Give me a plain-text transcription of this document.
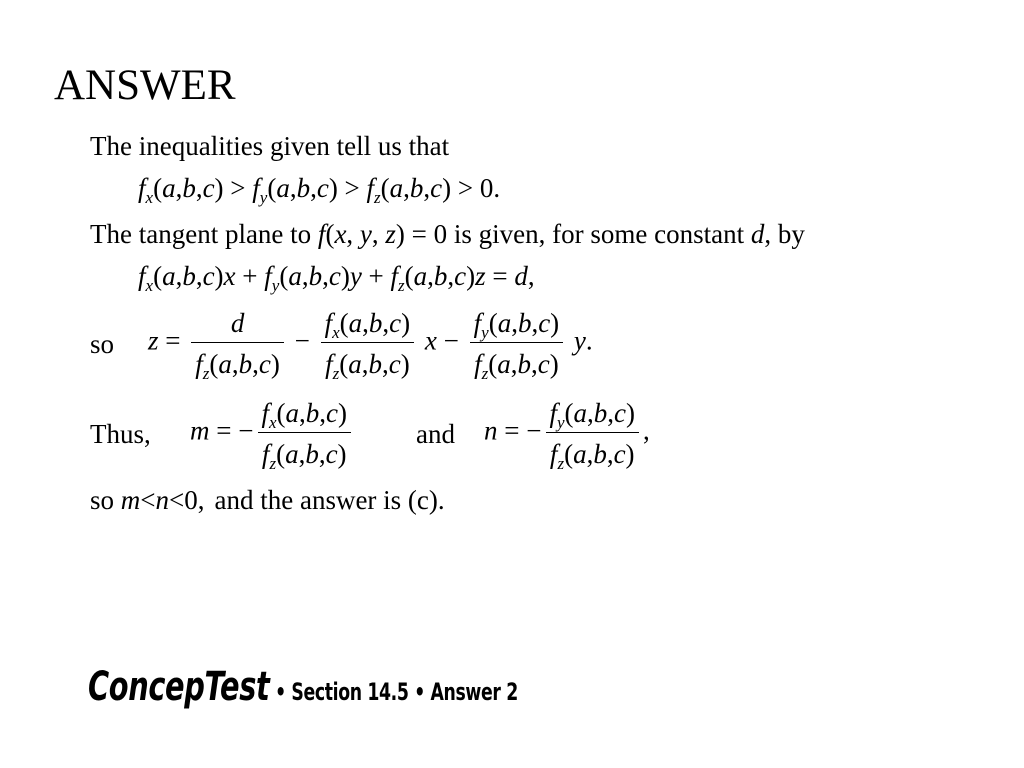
ANSWER
The inequalities given tell us that
$f_x(a,b,c) > f_y(a,b,c) > f_z(a,b,c) > 0$.
The tangent plane to f(x, y, z) = 0 is given, for some constant d, by
$f_x(a,b,c)x + f_y(a,b,c)y + f_z(a,b,c)z = d$,
so $z = \frac{d}{f_z(a,b,c)} - \frac{f_x(a,b,c)}{f_z(a,b,c)}$ $x - \frac{f_y(a,b,c)}{f_z(a,b,c)} y$.
Thus, m = − $\frac{f_x(a,b,c)}{f_z(a,b,c)}$ and n = − $\frac{f_y(a,b,c)}{f_z(a,b,c)}$ ,
so m<n<0, and the answer is (c).
ConcepTest • Section 14.5 • Answer 2
